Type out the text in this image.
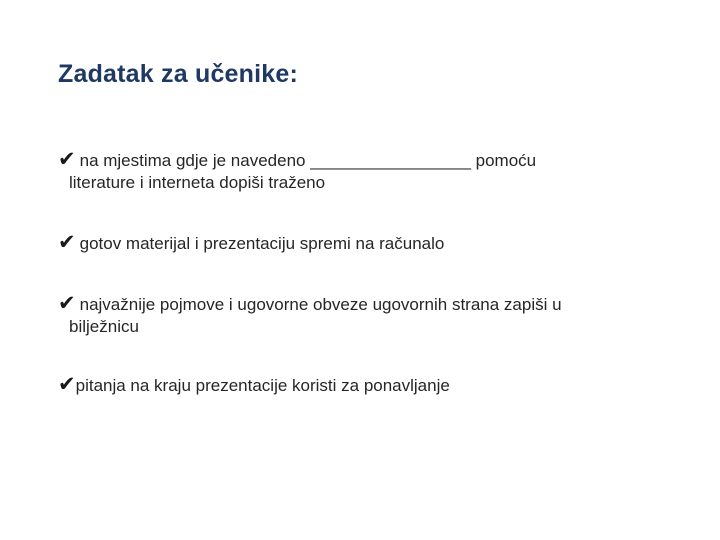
Zadatak za učenike:
✔ na mjestima gdje je navedeno _________________ pomoću
literature i interneta dopiši traženo
✔ gotov materijal i prezentaciju spremi na računalo
✔ najvažnije pojmove i ugovorne obveze ugovornih strana zapiši u
bilježnicu
✔pitanja na kraju prezentacije koristi za ponavljanje
